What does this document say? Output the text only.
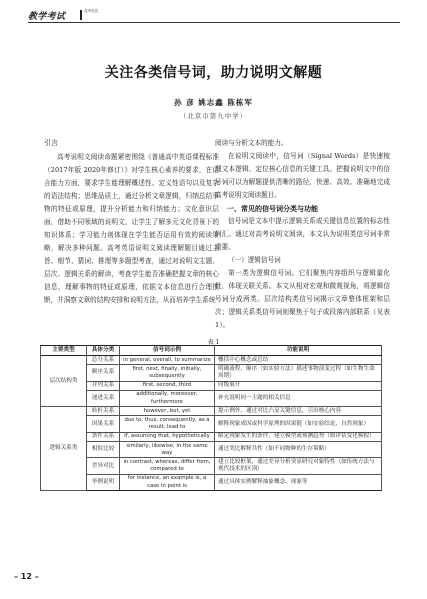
教学考试
高考英语
关注各类信号词，助力说明文解题
孙 彦 姚志鑫 陈栋军
（北京市第九中学）

引言

高考说明文阅读命题紧密围绕《普通高中英语课程标准（2017年版 2020年修订）》对学生核心素养的要求，在语言能力方面，要求学生能理解概述性、定义性语句以及复杂的语法结构；思维品质上，通过分析文章逻辑，归纳总结事物的特征或原理，提升分析能力和归纳能力；文化意识层面，借助不同领域的说明文，让学生了解多元文化背景下的知识体系；学习能力则体现在学生能否运用有效的阅读策略，解决多种问题。高考英语说明文阅读理解题目通过主旨、细节、猜词、推理等多题型考查，通过对说明文主题、层次、逻辑关系的解读，考查学生能否准确把握文章的核心信息，理解事物的特征或原理，依据文本信息进行合理推断，并洞察文章的结构安排和说明方法，从而培养学生系统

阅读与分析文本的能力。

在说明文阅读中，信号词（Signal Words）是快速梳理文本逻辑、定位核心信息的关键工具。把握说明文中的信号词可以为解题提供清晰的路径，快速、高效、准确地完成高考说明文阅读题目。

一、常见的信号词分类与功能

信号词是文本中提示逻辑关系或关键信息位置的标志性词汇。通过对高考说明文阅读，本文认为说明类信号词非常重要。

（一）逻辑信号词

第一类为逻辑信号词。它们聚焦内容组织与逻辑量化性，体现关联关系。本文从相对宏观和微观视角，将逻辑信号词分成两类。层次结构类信号词揭示文章整体框架和层次；逻辑关系类信号词则聚焦于句子或段落内部联系（见表1）。

表 1
主要类型	具体分类	信号词示例	功能说明
层次结构类	总分关系	in general, overall, to summarize	概括中心概念或总结
	顺序关系	first, next, finally, initially, subsequently	明确流程、顺序（如实验方法）描述事物演变过程（如生物生命周期）
	并列关系	first, second, third	同级展开
	递进关系	additionally, moreover, furthermore	补充说明同一主题的相关信息
逻辑关系类	转折关系	however, but, yet	提示例外、通过对比凸显关键信息，引出核心内容
	因果关系	due to, thus, consequently, as a result, lead to	解释现象成因或科学原理的因果链（如实验结论、自然现象）
	条件关系	if, assuming that, hypothetically	限定现象发生的条件，建立模型或预测趋势（如评估变化模拟）
	相似比较	similarly, likewise, in the same way	通过类比解释共性（如不同物种的生存策略）
	差异对比	in contrast, whereas, differ from, compared to	建立比较框架，通过差异分析突显研究对象特性（如传统方法与现代技术的区别）
	举例说明	for instance, an example is, a case in point is	通过具体实例解释抽象概念、现象等
– 12 –
